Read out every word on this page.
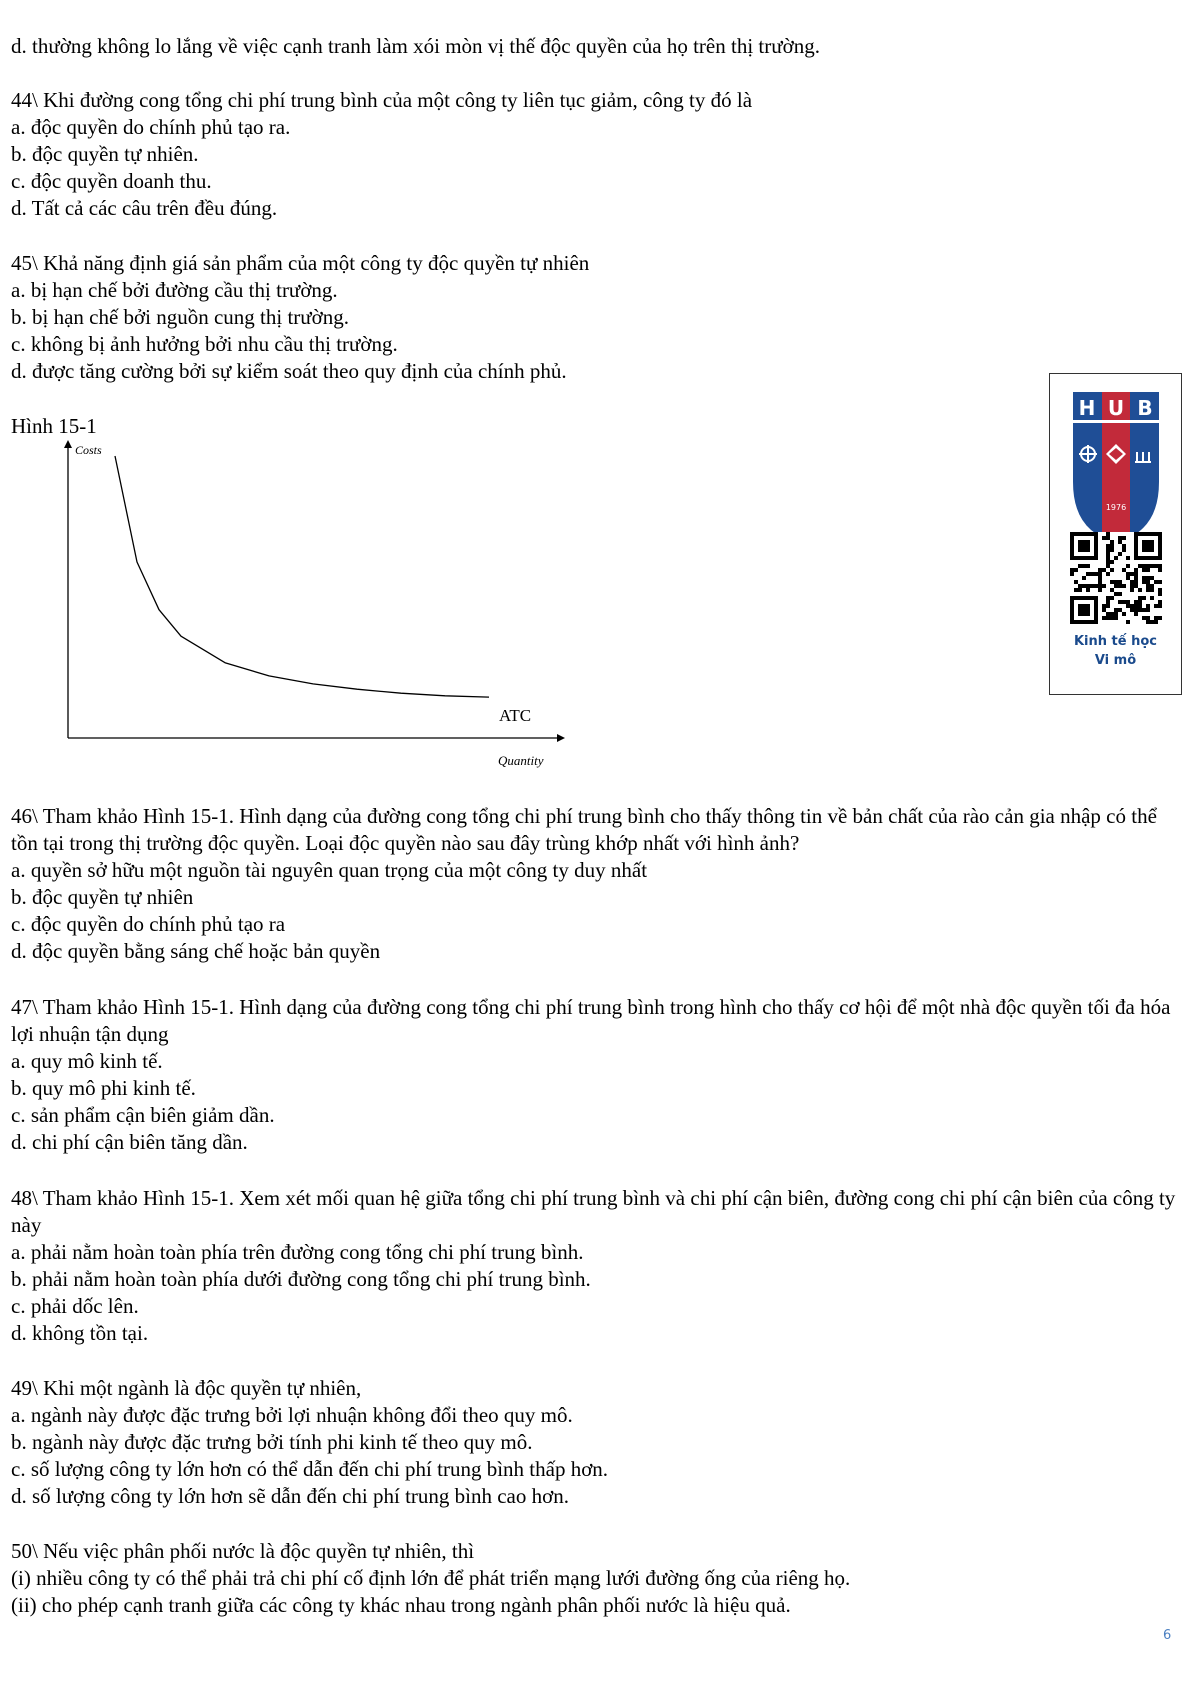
d. thường không lo lắng về việc cạnh tranh làm xói mòn vị thế độc quyền của họ trên thị trường.
44\ Khi đường cong tổng chi phí trung bình của một công ty liên tục giảm, công ty đó là
a. độc quyền do chính phủ tạo ra.
b. độc quyền tự nhiên.
c. độc quyền doanh thu.
d. Tất cả các câu trên đều đúng.
45\ Khả năng định giá sản phẩm của một công ty độc quyền tự nhiên
a. bị hạn chế bởi đường cầu thị trường.
b. bị hạn chế bởi nguồn cung thị trường.
c. không bị ảnh hưởng bởi nhu cầu thị trường.
d. được tăng cường bởi sự kiểm soát theo quy định của chính phủ.
Hình 15-1
Costs
Quantity
ATC
H U B
1976
Kinh tế học
Vi mô
46\ Tham khảo Hình 15-1. Hình dạng của đường cong tổng chi phí trung bình cho thấy thông tin về bản chất của rào cản gia nhập có thể tồn tại trong thị trường độc quyền. Loại độc quyền nào sau đây trùng khớp nhất với hình ảnh?
a. quyền sở hữu một nguồn tài nguyên quan trọng của một công ty duy nhất
b. độc quyền tự nhiên
c. độc quyền do chính phủ tạo ra
d. độc quyền bằng sáng chế hoặc bản quyền
47\ Tham khảo Hình 15-1. Hình dạng của đường cong tổng chi phí trung bình trong hình cho thấy cơ hội để một nhà độc quyền tối đa hóa lợi nhuận tận dụng
a. quy mô kinh tế.
b. quy mô phi kinh tế.
c. sản phẩm cận biên giảm dần.
d. chi phí cận biên tăng dần.
48\ Tham khảo Hình 15-1. Xem xét mối quan hệ giữa tổng chi phí trung bình và chi phí cận biên, đường cong chi phí cận biên của công ty này
a. phải nằm hoàn toàn phía trên đường cong tổng chi phí trung bình.
b. phải nằm hoàn toàn phía dưới đường cong tổng chi phí trung bình.
c. phải dốc lên.
d. không tồn tại.
49\ Khi một ngành là độc quyền tự nhiên,
a. ngành này được đặc trưng bởi lợi nhuận không đổi theo quy mô.
b. ngành này được đặc trưng bởi tính phi kinh tế theo quy mô.
c. số lượng công ty lớn hơn có thể dẫn đến chi phí trung bình thấp hơn.
d. số lượng công ty lớn hơn sẽ dẫn đến chi phí trung bình cao hơn.
50\ Nếu việc phân phối nước là độc quyền tự nhiên, thì
(i) nhiều công ty có thể phải trả chi phí cố định lớn để phát triển mạng lưới đường ống của riêng họ.
(ii) cho phép cạnh tranh giữa các công ty khác nhau trong ngành phân phối nước là hiệu quả.
6
